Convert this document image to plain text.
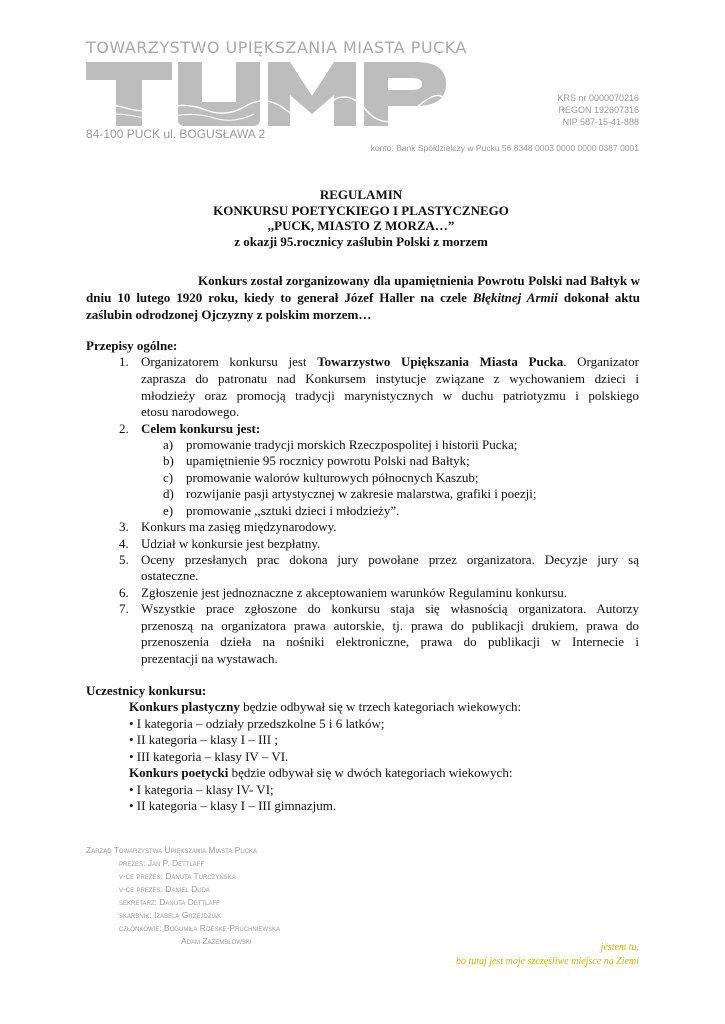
TOWARZYSTWO UPIĘKSZANIA MIASTA PUCKA
84-100 PUCK ul. BOGUSŁAWA 2
KRS nr 0000070216
REGON 192607316
NIP 587-15-41-888
konto: Bank Spółdzielczy w Pucku 56 8348 0003 0000 0000 0387 0001
REGULAMIN
KONKURSU POETYCKIEGO I PLASTYCZNEGO
,,PUCK, MIASTO Z MORZA…”
z okazji 95.rocznicy zaślubin Polski z morzem
Konkurs został zorganizowany dla upamiętnienia Powrotu Polski nad Bałtyk w dniu 10 lutego 1920 roku, kiedy to generał Józef Haller na czele Błękitnej Armii dokonał aktu zaślubin odrodzonej Ojczyzny z polskim morzem…
Przepisy ogólne:
1. Organizatorem konkursu jest Towarzystwo Upiększania Miasta Pucka. Organizator
zaprasza do patronatu nad Konkursem instytucje związane z wychowaniem dzieci i
młodzieży oraz promocją tradycji marynistycznych w duchu patriotyzmu i polskiego
etosu narodowego.
2. Celem konkursu jest:
a) promowanie tradycji morskich Rzeczpospolitej i historii Pucka;
b) upamiętnienie 95 rocznicy powrotu Polski nad Bałtyk;
c) promowanie walorów kulturowych północnych Kaszub;
d) rozwijanie pasji artystycznej w zakresie malarstwa, grafiki i poezji;
e) promowanie ,,sztuki dzieci i młodzieży”.
3. Konkurs ma zasięg międzynarodowy.
4. Udział w konkursie jest bezpłatny.
5. Oceny przesłanych prac dokona jury powołane przez organizatora. Decyzje jury są
ostateczne.
6. Zgłoszenie jest jednoznaczne z akceptowaniem warunków Regulaminu konkursu.
7. Wszystkie prace zgłoszone do konkursu staja się własnością organizatora. Autorzy
przenoszą na organizatora prawa autorskie, tj. prawa do publikacji drukiem, prawa do
przenoszenia dzieła na nośniki elektroniczne, prawa do publikacji w Internecie i
prezentacji na wystawach.
Uczestnicy konkursu:
Konkurs plastyczny będzie odbywał się w trzech kategoriach wiekowych:
• I kategoria – odziały przedszkolne 5 i 6 latków;
• II kategoria – klasy I – III ;
• III kategoria – klasy IV – VI.
Konkurs poetycki będzie odbywał się w dwóch kategoriach wiekowych:
• I kategoria – klasy IV- VI;
• II kategoria – klasy I – III gimnazjum.
Zarząd Towarzystwa Upiększania Miasta Pucka
prezes: Jan P. Dettlaff
v-ce prezes: Danuta Turczyńska
v-ce prezes: Daniel Duda
sekretarz: Danuta Dettlaff
skarbnik: Izabela Grzejdziak
członkowie: Bogumiła Roeske-Pruchniewska
Adam Zażembłowski
jestem tu,
bo tutaj jest moje szczęśliwe miejsce na Ziemi
